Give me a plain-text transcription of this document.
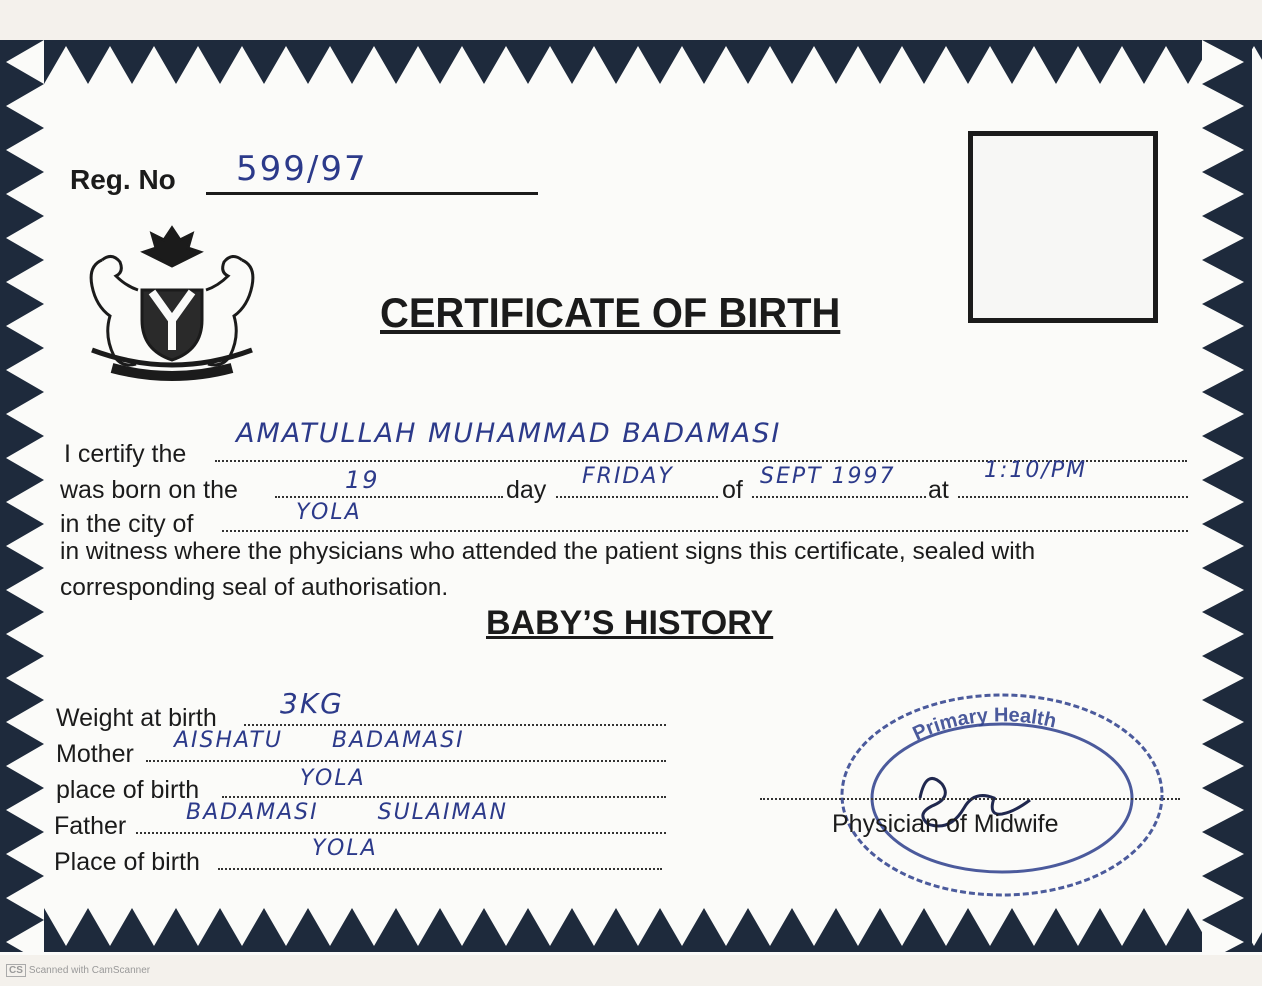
Reg. No 599/97
CERTIFICATE OF BIRTH
I certify the
AMATULLAH MUHAMMAD BADAMASI
was born on the	19	day FRIDAY of SEPT 1997 at
1:10/PM
in the city of	YOLA
in witness where the physicians who attended the patient signs this certificate, sealed with
corresponding seal of authorisation.
BABY’S HISTORY
Weight at birth 3KG
Mother AISHATU BADAMASI
place of birth	YOLA
Father	BADAMASI SULAIMAN
Place of birth	YOLA
Primary Health
Physician of Midwife
CS Scanned with CamScanner
